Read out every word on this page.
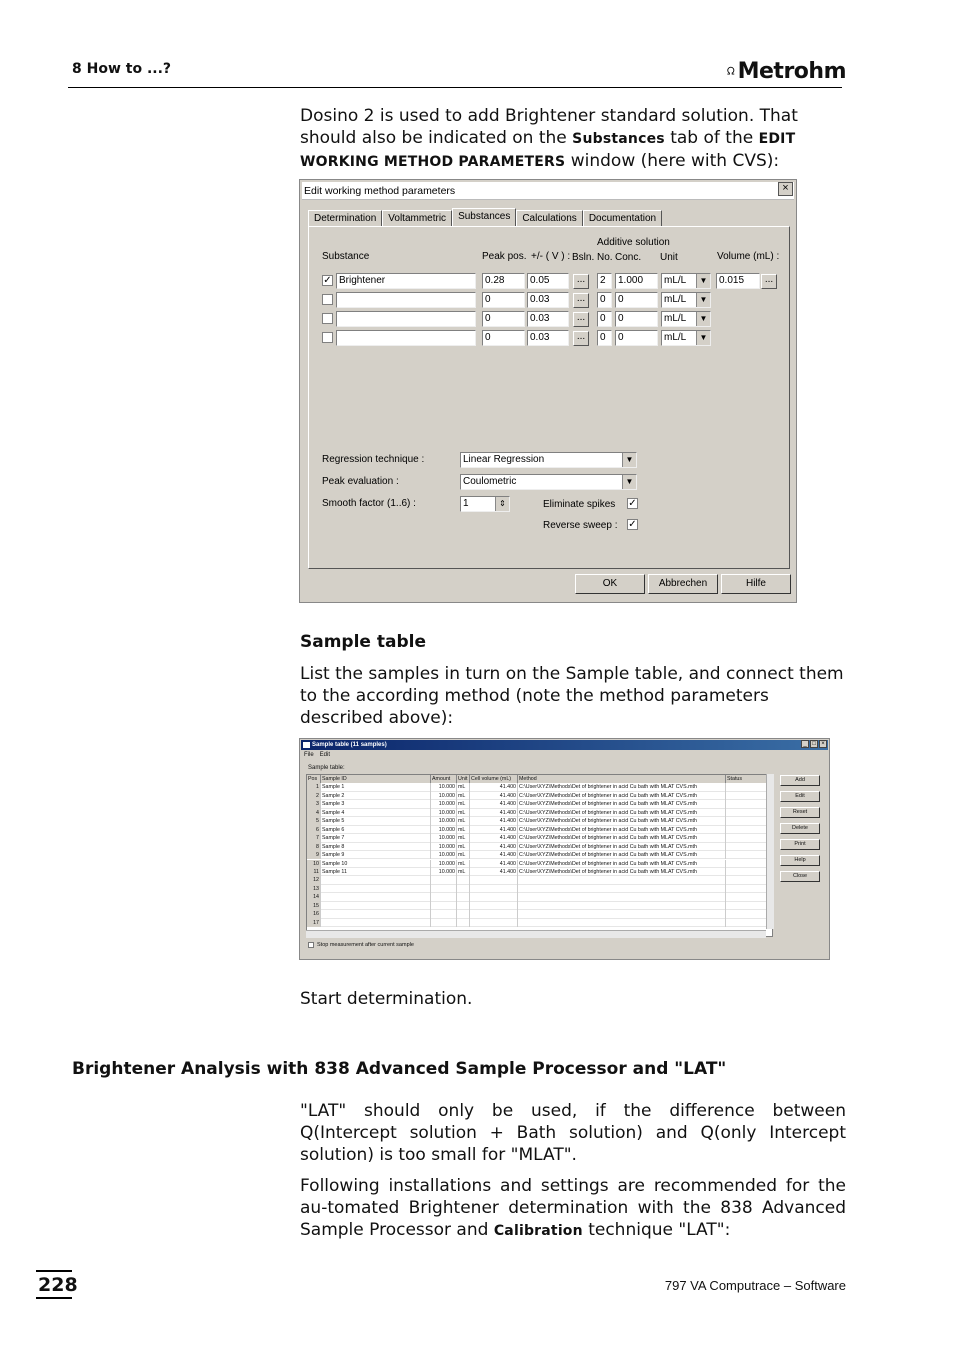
8 How to ...?	Metrohm
Dosino 2 is used to add Brightener standard solution. That should also be indicated on the Substances tab of the EDIT WORKING METHOD PARAMETERS window (here with CVS):
Edit working method parameters	×
Determination	Voltammetric	Substances	Calculations	Documentation
Substance	Peak pos. +/- ( V ) : Bsln.
Additive solution
No. Conc. Unit	Volume (mL) :
✓ Brightener	0.28	0.05	...	2	1.000	mL/L	▼	0.015	...
0	0.03	...	0	0	mL/L	▼
0	0.03	...	0	0	mL/L	▼
0	0.03	...	0	0	mL/L	▼
Regression technique :	Linear Regression	▼
Peak evaluation :	Coulometric	▼
Smooth factor (1..6) :	1	⇕	Eliminate spikes ✓
Reverse sweep : ✓
OK	Abbrechen	Hilfe
Sample table
List the samples in turn on the Sample table, and connect them to the according method (note the method parameters described above):
Sample table (11 samples)	_ □ ×
File Edit
Sample table:
Pos Sample ID	Amount	Unit Cell volume (mL)	Method	Status
1 Sample 1	10.000 mL	41.400 C:\User\XYZ\Methods\Det of brightener in acid Cu bath with MLAT CVS.mth
2 Sample 2	10.000 mL	41.400 C:\User\XYZ\Methods\Det of brightener in acid Cu bath with MLAT CVS.mth
3 Sample 3	10.000 mL	41.400 C:\User\XYZ\Methods\Det of brightener in acid Cu bath with MLAT CVS.mth
4 Sample 4	10.000 mL	41.400 C:\User\XYZ\Methods\Det of brightener in acid Cu bath with MLAT CVS.mth
5 Sample 5	10.000 mL	41.400 C:\User\XYZ\Methods\Det of brightener in acid Cu bath with MLAT CVS.mth
6 Sample 6	10.000 mL	41.400 C:\User\XYZ\Methods\Det of brightener in acid Cu bath with MLAT CVS.mth
7 Sample 7	10.000 mL	41.400 C:\User\XYZ\Methods\Det of brightener in acid Cu bath with MLAT CVS.mth
8 Sample 8	10.000 mL	41.400 C:\User\XYZ\Methods\Det of brightener in acid Cu bath with MLAT CVS.mth
9 Sample 9	10.000 mL	41.400 C:\User\XYZ\Methods\Det of brightener in acid Cu bath with MLAT CVS.mth
10 Sample 10	10.000 mL	41.400 C:\User\XYZ\Methods\Det of brightener in acid Cu bath with MLAT CVS.mth
11 Sample 11	10.000 mL	41.400 C:\User\XYZ\Methods\Det of brightener in acid Cu bath with MLAT CVS.mth
12
13
14
15
16
17
Add
Edit
Reset
Delete
Print
Help
Close
Stop measurement after current sample
Start determination.
Brightener Analysis with 838 Advanced Sample Processor and "LAT"
"LAT" should only be used, if the difference between Q(Intercept solution + Bath solution) and Q(only Intercept solution) is too small for "MLAT".
Following installations and settings are recommended for the au-tomated Brightener determination with the 838 Advanced Sample Processor and Calibration technique "LAT":
228	797 VA Computrace – Software
